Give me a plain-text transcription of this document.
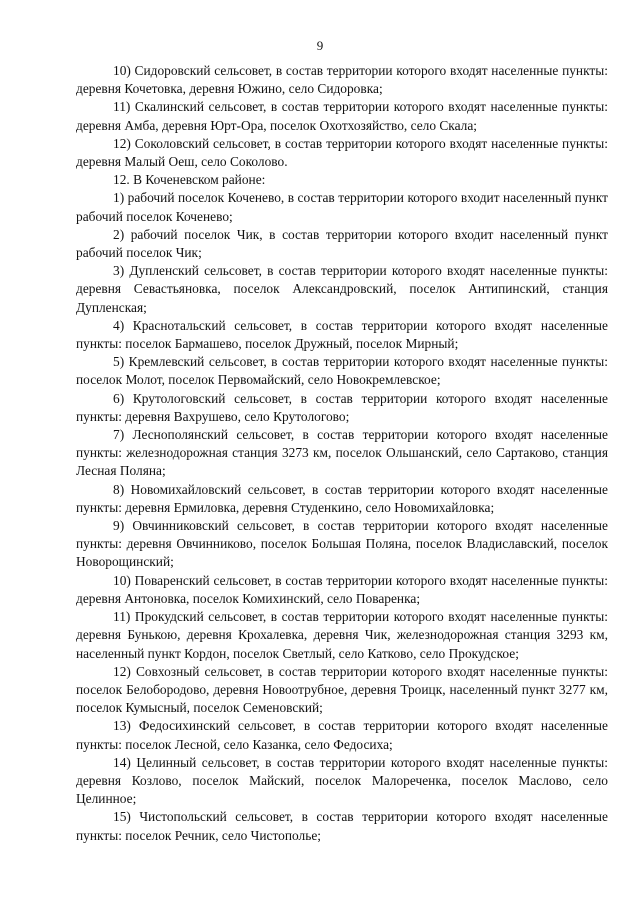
9

10) Сидоровский сельсовет, в состав территории которого входят населенные пункты: деревня Кочетовка, деревня Южино, село Сидоровка;

11) Скалинский сельсовет, в состав территории которого входят населенные пункты: деревня Амба, деревня Юрт-Ора, поселок Охотхозяйство, село Скала;

12) Соколовский сельсовет, в состав территории которого входят населенные пункты: деревня Малый Оеш, село Соколово.

12. В Коченевском районе:

1) рабочий поселок Коченево, в состав территории которого входит населенный пункт рабочий поселок Коченево;

2) рабочий поселок Чик, в состав территории которого входит населенный пункт рабочий поселок Чик;

3) Дупленский сельсовет, в состав территории которого входят населенные пункты: деревня Севастьяновка, поселок Александровский, поселок Антипинский, станция Дупленская;

4) Краснотальский сельсовет, в состав территории которого входят населенные пункты: поселок Бармашево, поселок Дружный, поселок Мирный;

5) Кремлевский сельсовет, в состав территории которого входят населенные пункты: поселок Молот, поселок Первомайский, село Новокремлевское;

6) Крутологовский сельсовет, в состав территории которого входят населенные пункты: деревня Вахрушево, село Крутологово;

7) Леснополянский сельсовет, в состав территории которого входят населенные пункты: железнодорожная станция 3273 км, поселок Ольшанский, село Сартаково, станция Лесная Поляна;

8) Новомихайловский сельсовет, в состав территории которого входят населенные пункты: деревня Ермиловка, деревня Студенкино, село Новомихайловка;

9) Овчинниковский сельсовет, в состав территории которого входят населенные пункты: деревня Овчинниково, поселок Большая Поляна, поселок Владиславский, поселок Новорощинский;

10) Поваренский сельсовет, в состав территории которого входят населенные пункты: деревня Антоновка, поселок Комихинский, село Поваренка;

11) Прокудский сельсовет, в состав территории которого входят населенные пункты: деревня Бунькою, деревня Крохалевка, деревня Чик, железнодорожная станция 3293 км, населенный пункт Кордон, поселок Светлый, село Катково, село Прокудское;

12) Совхозный сельсовет, в состав территории которого входят населенные пункты: поселок Белобородово, деревня Новоотрубное, деревня Троицк, населенный пункт 3277 км, поселок Кумысный, поселок Семеновский;

13) Федосихинский сельсовет, в состав территории которого входят населенные пункты: поселок Лесной, село Казанка, село Федосиха;

14) Целинный сельсовет, в состав территории которого входят населенные пункты: деревня Козлово, поселок Майский, поселок Малореченка, поселок Маслово, село Целинное;

15) Чистопольский сельсовет, в состав территории которого входят населенные пункты: поселок Речник, село Чистополье;
